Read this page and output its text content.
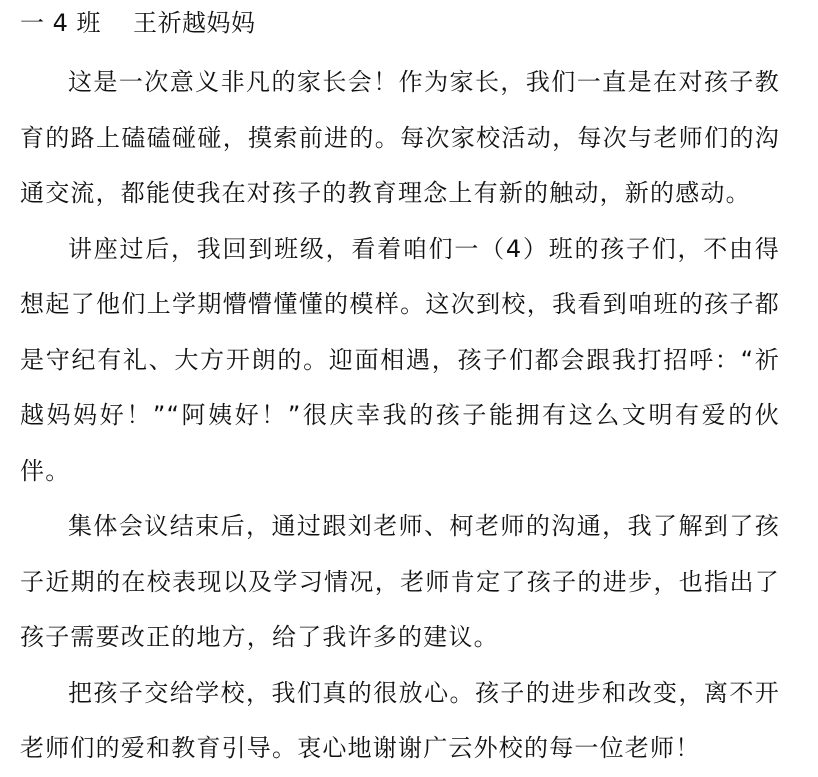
一 4 班 王祈越妈妈

这是一次意义非凡的家长会！作为家长，我们一直是在对孩子教育的路上磕磕碰碰，摸索前进的。每次家校活动，每次与老师们的沟通交流，都能使我在对孩子的教育理念上有新的触动，新的感动。

讲座过后，我回到班级，看着咱们一（4）班的孩子们，不由得想起了他们上学期懵懵懂懂的模样。这次到校，我看到咱班的孩子都是守纪有礼、大方开朗的。迎面相遇，孩子们都会跟我打招呼：“祈越妈妈好！”“阿姨好！”很庆幸我的孩子能拥有这么文明有爱的伙伴。

集体会议结束后，通过跟刘老师、柯老师的沟通，我了解到了孩子近期的在校表现以及学习情况，老师肯定了孩子的进步，也指出了孩子需要改正的地方，给了我许多的建议。

把孩子交给学校，我们真的很放心。孩子的进步和改变，离不开老师们的爱和教育引导。衷心地谢谢广云外校的每一位老师！
